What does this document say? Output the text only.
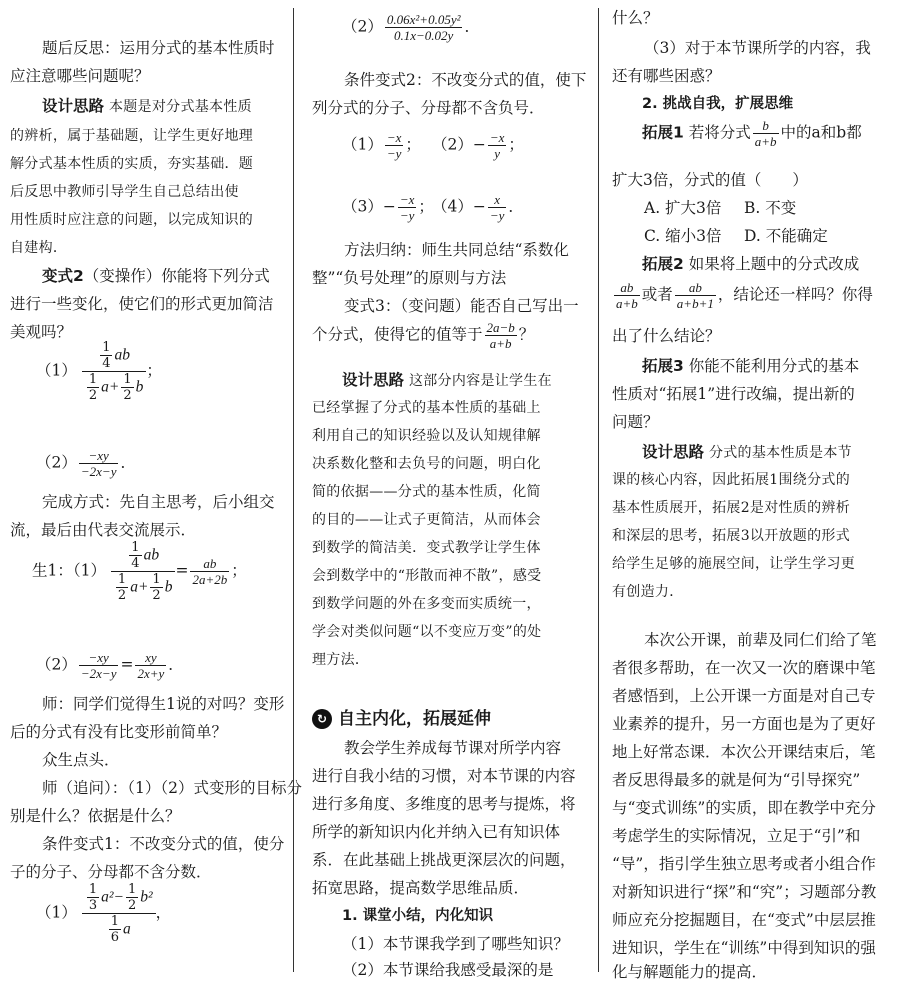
题后反思：运用分式的基本性质时
应注意哪些问题呢？
设计思路 本题是对分式基本性质
的辨析，属于基础题，让学生更好地理
解分式基本性质的实质，夯实基础．题
后反思中教师引导学生自己总结出使
用性质时应注意的问题，以完成知识的
自建构．
变式2（变操作）你能将下列分式
进行一些变化，使它们的形式更加简洁
美观吗？
$(1) \frac{\frac{1}{4} ab}{\frac{1}{2} a+ \frac{1}{2} b}$ ；
$(2) \frac{-xy}{-2x-y}$ ．
完成方式：先自主思考，后小组交
流，最后由代表交流展示．
生1：$(1) \frac{\frac{1}{4} ab}{\frac{1}{2} a+ \frac{1}{2} b} = \frac{ab}{2a+2b}$ ；
$(2) \frac{-xy}{-2x-y} = \frac{xy}{2x+y}$ ．
师：同学们觉得生1说的对吗？变形
后的分式有没有比变形前简单？
众生点头．
师（追问）：（1）（2）式变形的目标分
别是什么？依据是什么？
条件变式1：不改变分式的值，使分
子的分子、分母都不含分数．
$(1) \frac{\frac{1}{3} a^2- \frac{1}{2} b^2}{\frac{1}{6} a}$ ，
$(2) \frac{\text{0.06x²+0.05y²}}{0.1x-0.02y}$ ．
条件变式2：不改变分式的值，使下
列分式的分子、分母都不含负号．
$(1) \frac{-x}{-y}$ ； $(2)- \frac{-x}{y}$ ；
$(3)- \frac{-x}{-y}$ ；
$(4)- \frac{x}{-y}$ ．
方法归纳：师生共同总结“系数化
整”“负号处理”的原则与方法
变式3：（变问题）能否自己写出一
个分式，使得它的值等于 $\frac{2a-b}{a+b}$ ？
设计思路 这部分内容是让学生在
已经掌握了分式的基本性质的基础上
利用自己的知识经验以及认知规律解
决系数化整和去负号的问题，明白化
简的依据——分式的基本性质，化简
的目的——让式子更简洁，从而体会
到数学的简洁美．变式教学让学生体
会到数学中的“形散而神不散”，感受
到数学问题的外在多变而实质统一，
学会对类似问题“以不变应万变”的处
理方法．
↻ 自主内化，拓展延伸
教会学生养成每节课对所学内容
进行自我小结的习惯，对本节课的内容
进行多角度、多维度的思考与提炼，将
所学的新知识内化并纳入已有知识体
系．在此基础上挑战更深层次的问题，
拓宽思路，提高数学思维品质．
1. 课堂小结，内化知识
（1）本节课我学到了哪些知识？
（2）本节课给我感受最深的是
什么？
（3）对于本节课所学的内容，我
还有哪些困惑？
2. 挑战自我，扩展思维
拓展1 若将分式 $\frac{b}{a+b}$ 中的a和b都
扩大3倍，分式的值（　　）
A. 扩大3倍 B. 不变
C. 缩小3倍 D. 不能确定
拓展2 如果将上题中的分式改成
$\frac{ab}{a+b}$ 或者 $\frac{ab}{a+b+1}$ ，结论还一样吗？你得
出了什么结论？
拓展3 你能不能利用分式的基本
性质对“拓展1”进行改编，提出新的
问题？
设计思路 分式的基本性质是本节
课的核心内容，因此拓展1围绕分式的
基本性质展开，拓展2是对性质的辨析
和深层的思考，拓展3以开放题的形式
给学生足够的施展空间，让学生学习更
有创造力．
本次公开课，前辈及同仁们给了笔
者很多帮助，在一次又一次的磨课中笔
者感悟到，上公开课一方面是对自己专
业素养的提升，另一方面也是为了更好
地上好常态课．本次公开课结束后，笔
者反思得最多的就是何为“引导探究”
与“变式训练”的实质，即在教学中充分
考虑学生的实际情况，立足于“引”和
“导”，指引学生独立思考或者小组合作
对新知识进行“探”和“究”；习题部分教
师应充分挖掘题目，在“变式”中层层推
进知识，学生在“训练”中得到知识的强
化与解题能力的提高．
